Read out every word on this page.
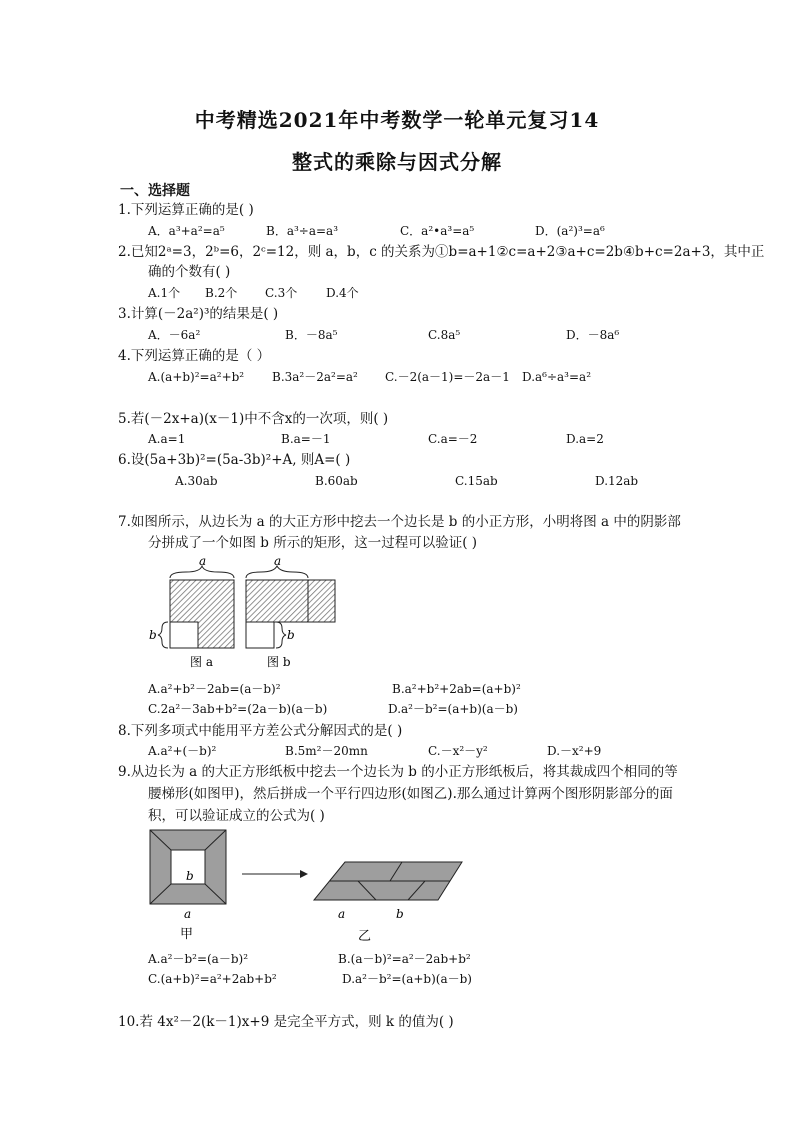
中考精选2021年中考数学一轮单元复习14
整式的乘除与因式分解
一、选择题
1.下列运算正确的是( )
A．a³+a²=a⁵	B．a³÷a=a³	C．a²•a³=a⁵	D．(a²)³=a⁶
2.已知2ᵃ=3，2ᵇ=6，2ᶜ=12，则 a，b，c 的关系为①b=a+1②c=a+2③a+c=2b④b+c=2a+3，其中正
确的个数有( )
A.1个 B.2个 C.3个 D.4个
3.计算(－2a²)³的结果是( )
A．－6a²	B．－8a⁵	C.8a⁵	D．－8a⁶
4.下列运算正确的是（ ）
A.(a+b)²=a²+b² B.3a²－2a²=a² C.－2(a－1)=－2a－1 D.a⁶÷a³=a²
5.若(－2x+a)(x－1)中不含x的一次项，则( )
A.a=1	B.a=－1	C.a=－2	D.a=2
6.设(5a+3b)²=(5a-3b)²+A, 则A=( )
A.30ab	B.60ab	C.15ab	D.12ab
7.如图所示，从边长为 a 的大正方形中挖去一个边长是 b 的小正方形，小明将图 a 中的阴影部
分拼成了一个如图 b 所示的矩形，这一过程可以验证( )
a
b
图 a
a
b
图 b
A.a²+b²－2ab=(a－b)²	B.a²+b²+2ab=(a+b)²
C.2a²－3ab+b²=(2a－b)(a－b)	D.a²－b²=(a+b)(a－b)
8.下列多项式中能用平方差公式分解因式的是( )
A.a²+(－b)²	B.5m²－20mn	C.－x²－y²	D.－x²+9
9.从边长为 a 的大正方形纸板中挖去一个边长为 b 的小正方形纸板后，将其裁成四个相同的等
腰梯形(如图甲)，然后拼成一个平行四边形(如图乙).那么通过计算两个图形阴影部分的面
积，可以验证成立的公式为( )
b
a
甲
a	b
乙
A.a²－b²=(a－b)²	B.(a－b)²=a²－2ab+b²
C.(a+b)²=a²+2ab+b²	D.a²－b²=(a+b)(a－b)
10.若 4x²－2(k－1)x+9 是完全平方式，则 k 的值为( )
